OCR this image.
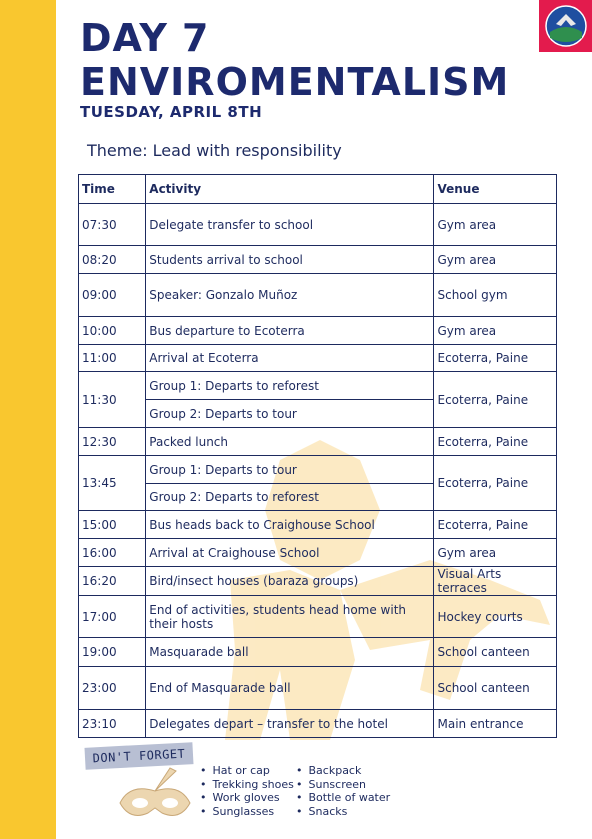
DAY 7
ENVIROMENTALISM
TUESDAY, APRIL 8TH
Theme: Lead with responsibility
Time	Activity	Venue
07:30	Delegate transfer to school	Gym area
08:20	Students arrival to school	Gym area
09:00	Speaker: Gonzalo Muñoz	School gym
10:00	Bus departure to Ecoterra	Gym area
11:00	Arrival at Ecoterra	Ecoterra, Paine
11:30	Group 1: Departs to reforest	Ecoterra, Paine
	Group 2: Departs to tour	
12:30	Packed lunch	Ecoterra, Paine
13:45	Group 1: Departs to tour	Ecoterra, Paine
	Group 2: Departs to reforest	
15:00	Bus heads back to Craighouse School	Ecoterra, Paine
16:00	Arrival at Craighouse School	Gym area
16:20	Bird/insect houses (baraza groups)	Visual Arts terraces
17:00	End of activities, students head home with their hosts	Hockey courts
19:00	Masquarade ball	School canteen
23:00	End of Masquarade ball	School canteen
23:10	Delegates depart – transfer to the hotel	Main entrance
DON'T FORGET
• Hat or cap
• Trekking shoes
• Work gloves
• Sunglasses
• Backpack
• Sunscreen
• Bottle of water
• Snacks
